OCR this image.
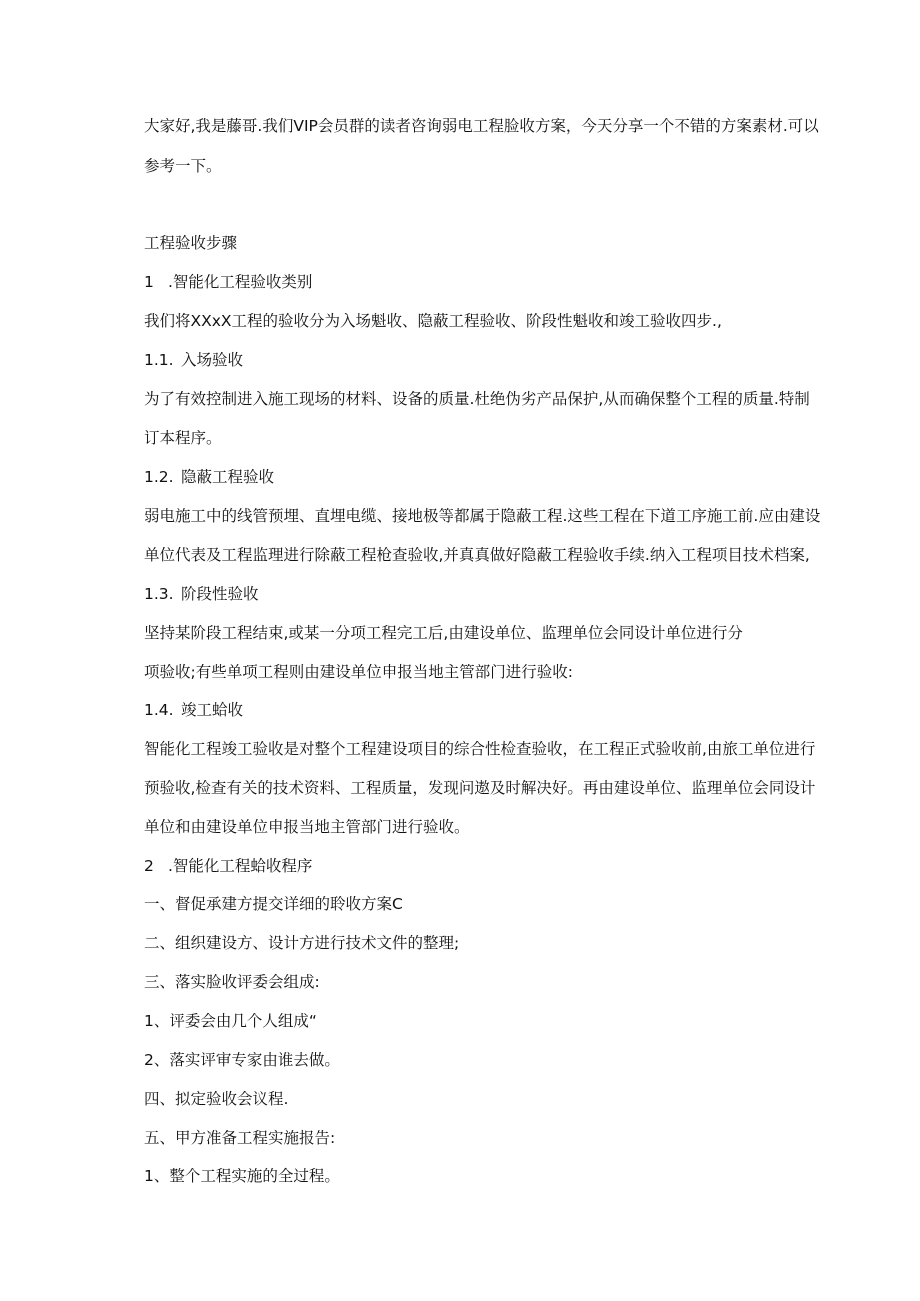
大家好,我是藤哥.我们VIP会员群的读者咨询弱电工程脸收方案，今天分享一个不错的方案素材.可以
参考一下。
工程验收步骤
1 .智能化工程验收类别
我们将XXxX工程的验收分为入场魁收、隐蔽工程验收、阶段性魁收和竣工验收四步.,
1.1. 入场验收
为了有效控制进入施工现场的材料、设备的质量.杜绝伪劣产品保护,从而确保整个工程的质量.特制
订本程序。
1.2. 隐蔽工程验收
弱电施工中的线管预埋、直埋电缆、接地极等都属于隐蔽工程.这些工程在下道工序施工前.应由建设
单位代表及工程监理进行除蔽工程枪查验收,并真真做好隐蔽工程验收手续.纳入工程项目技术档案,
1.3. 阶段性验收
坚持某阶段工程结束,或某一分项工程完工后,由建设单位、监理单位会同设计单位进行分
项验收;有些单项工程则由建设单位申报当地主管部门进行验收:
1.4. 竣工蛤收
智能化工程竣工验收是对整个工程建设项目的综合性检查验收，在工程正式验收前,由旅工单位进行
预验收,检查有关的技术资料、工程质量，发现问遨及时解决好。再由建设单位、监理单位会同设计
单位和由建设单位申报当地主管部门进行验收。
2 .智能化工程蛤收程序
一、督促承建方提交详细的聆收方案C
二、组织建设方、设计方进行技术文件的整理;
三、落实脸收评委会组成:
1、评委会由几个人组成“
2、落实评审专家由谁去做。
四、拟定验收会议程.
五、甲方准备工程实施报告:
1、整个工程实施的全过程。
